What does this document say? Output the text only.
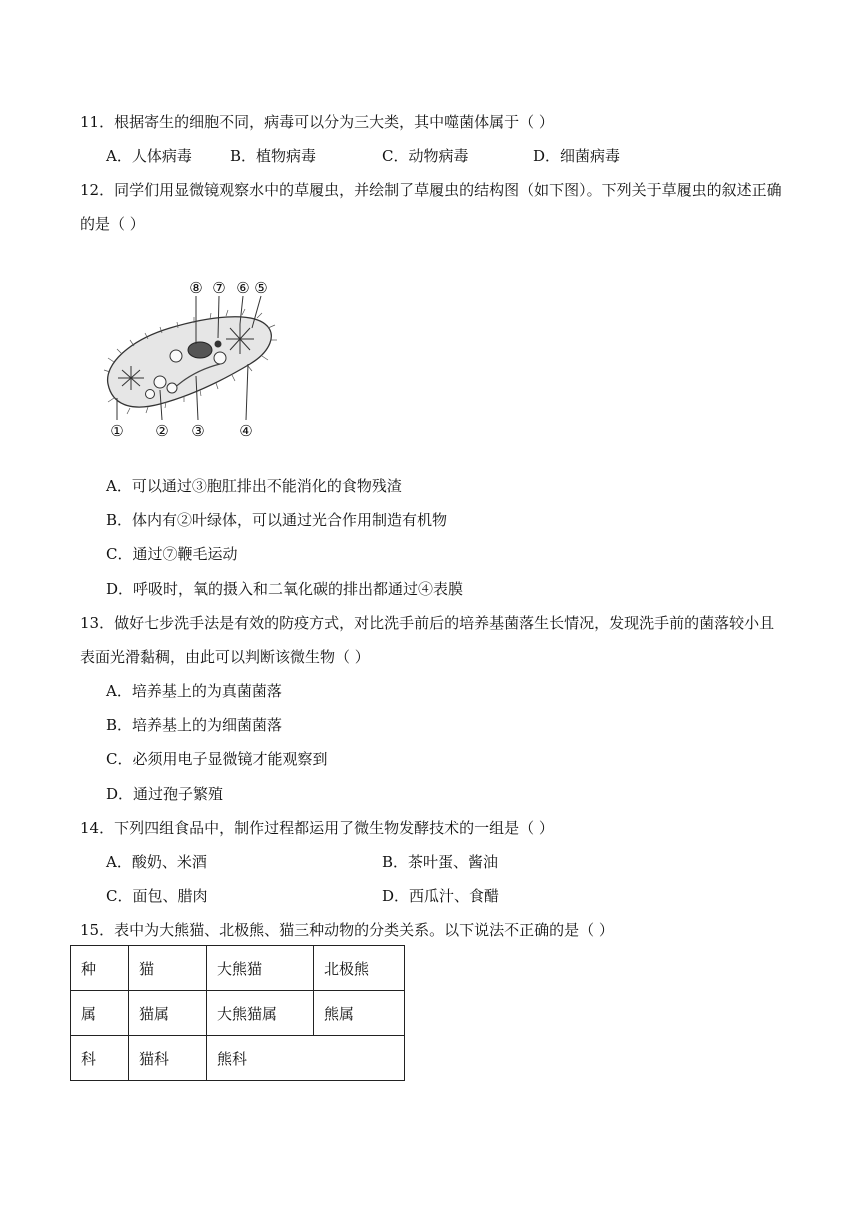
11．根据寄生的细胞不同，病毒可以分为三大类，其中噬菌体属于（ ）
A．人体病毒	B．植物病毒	C．动物病毒	D．细菌病毒
12．同学们用显微镜观察水中的草履虫，并绘制了草履虫的结构图（如下图）。下列关于草履虫的叙述正确
的是（ ）
⑧ ⑦ ⑥ ⑤
① ② ③ ④
A．可以通过③胞肛排出不能消化的食物残渣
B．体内有②叶绿体，可以通过光合作用制造有机物
C．通过⑦鞭毛运动
D．呼吸时，氧的摄入和二氧化碳的排出都通过④表膜
13．做好七步洗手法是有效的防疫方式，对比洗手前后的培养基菌落生长情况，发现洗手前的菌落较小且
表面光滑黏稠，由此可以判断该微生物（ ）
A．培养基上的为真菌菌落
B．培养基上的为细菌菌落
C．必须用电子显微镜才能观察到
D．通过孢子繁殖
14．下列四组食品中，制作过程都运用了微生物发酵技术的一组是（ ）
A．酸奶、米酒	B．茶叶蛋、酱油
C．面包、腊肉	D．西瓜汁、食醋
15．表中为大熊猫、北极熊、猫三种动物的分类关系。以下说法不正确的是（ ）
种	猫	大熊猫	北极熊
属	猫属	大熊猫属	熊属
科	猫科	熊科	
